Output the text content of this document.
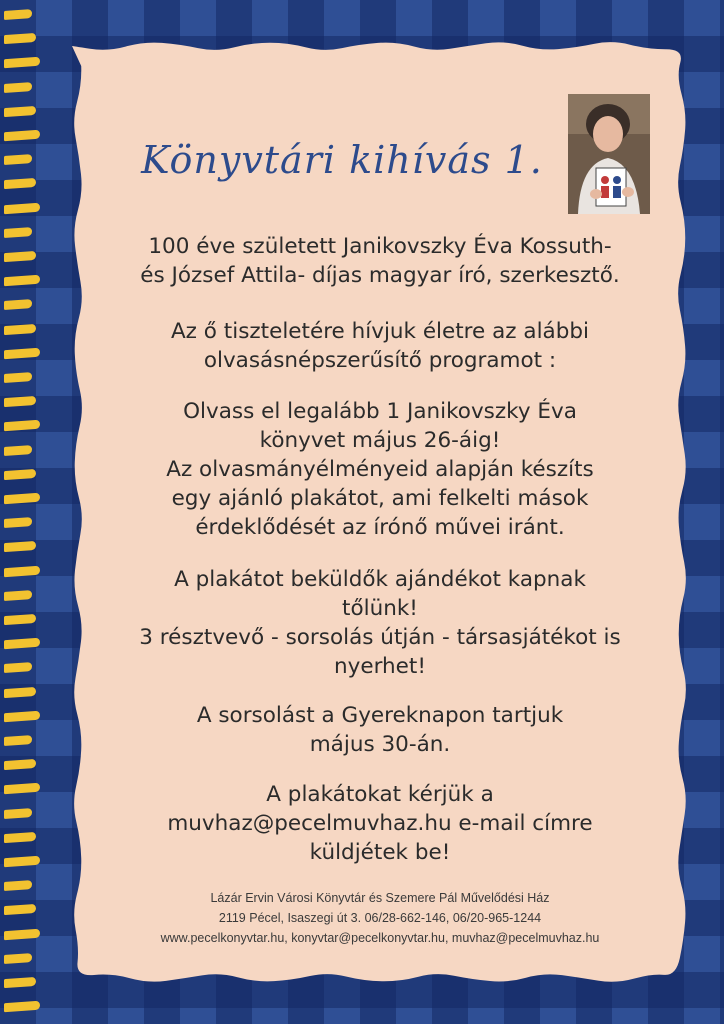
Könyvtári kihívás 1.
100 éve született Janikovszky Éva Kossuth-
és József Attila- díjas magyar író, szerkesztő.
Az ő tiszteletére hívjuk életre az alábbi
olvasásnépszerűsítő programot :
Olvass el legalább 1 Janikovszky Éva
könyvet május 26-áig!
Az olvasmányélményeid alapján készíts
egy ajánló plakátot, ami felkelti mások
érdeklődését az írónő művei iránt.
A plakátot beküldők ajándékot kapnak
tőlünk!
3 résztvevő - sorsolás útján - társasjátékot is
nyerhet!
A sorsolást a Gyereknapon tartjuk
május 30-án.
A plakátokat kérjük a
muvhaz@pecelmuvhaz.hu e-mail címre
küldjétek be!
Lázár Ervin Városi Könyvtár és Szemere Pál Művelődési Ház
2119 Pécel, Isaszegi út 3. 06/28-662-146, 06/20-965-1244
www.pecelkonyvtar.hu, konyvtar@pecelkonyvtar.hu, muvhaz@pecelmuvhaz.hu
